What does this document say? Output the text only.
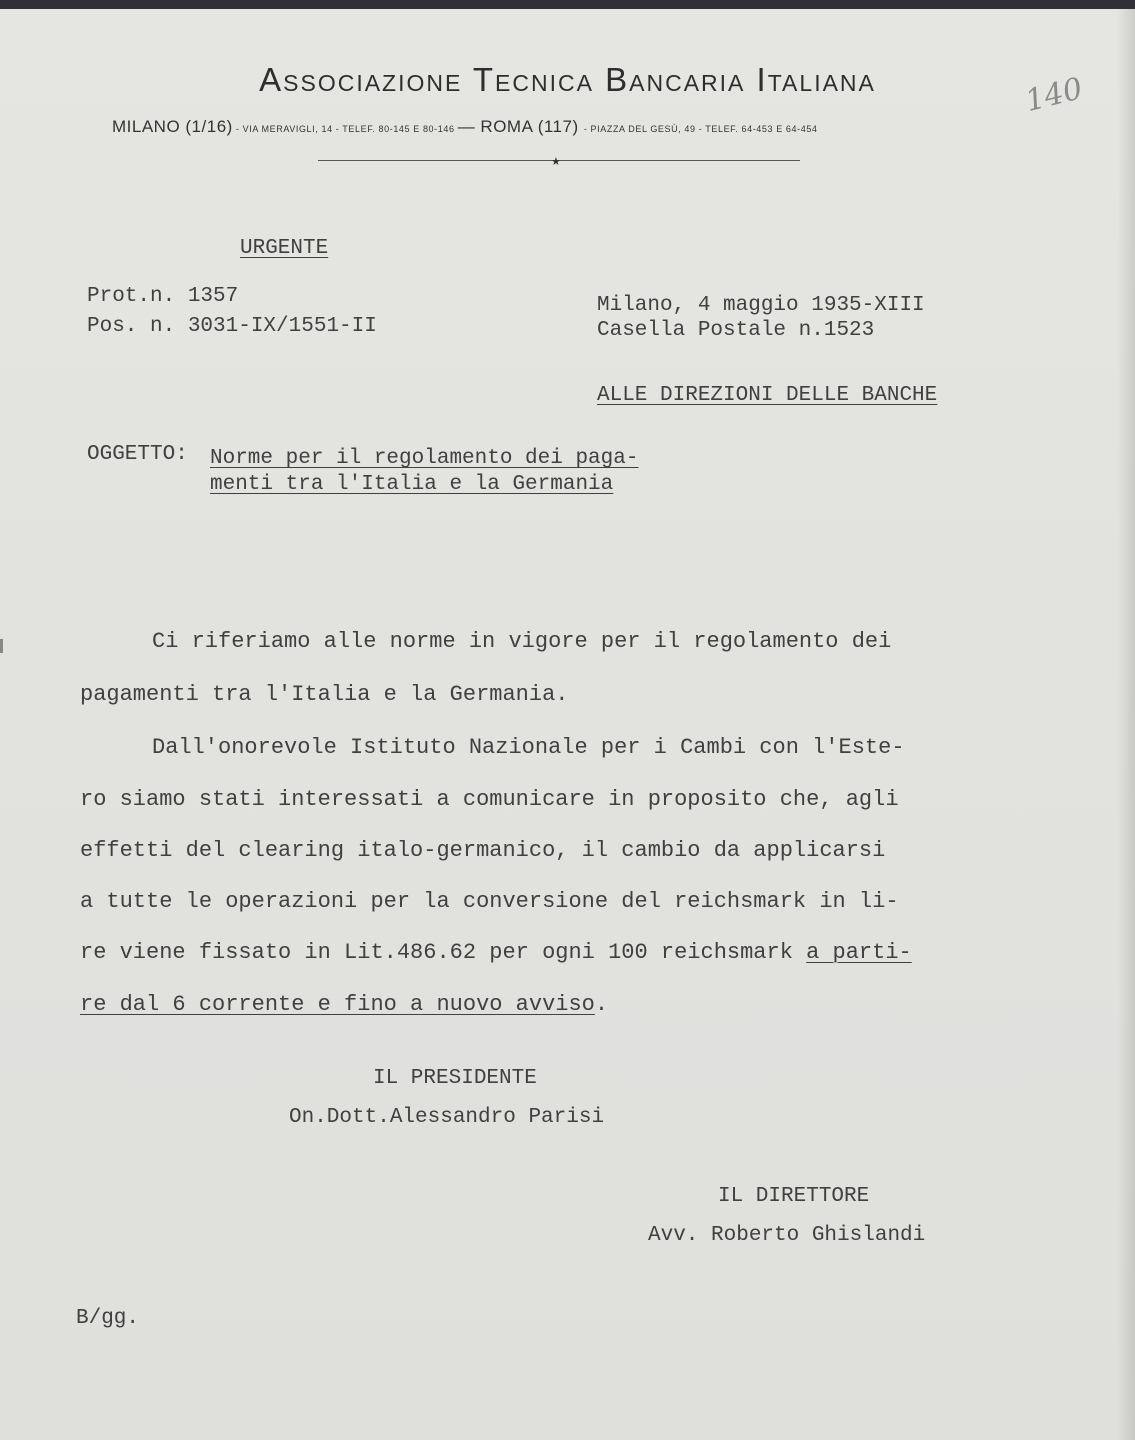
Associazione Tecnica Bancaria Italiana
MILANO (1/16) - VIA MERAVIGLI, 14 - TELEF. 80-145 E 80-146 — ROMA (117) - PIAZZA DEL GESÙ, 49 - TELEF. 64-453 E 64-454
★
140
URGENTE
Prot.n. 1357
Pos. n. 3031-IX/1551-II
Milano, 4 maggio 1935-XIII
Casella Postale n.1523
ALLE DIREZIONI DELLE BANCHE
OGGETTO: Norme per il regolamento dei paga-
menti tra l'Italia e la Germania
Ci riferiamo alle norme in vigore per il regolamento dei
pagamenti tra l'Italia e la Germania.
Dall'onorevole Istituto Nazionale per i Cambi con l'Este-
ro siamo stati interessati a comunicare in proposito che, agli
effetti del clearing italo-germanico, il cambio da applicarsi
a tutte le operazioni per la conversione del reichsmark in li-
re viene fissato in Lit.486.62 per ogni 100 reichsmark a parti-
re dal 6 corrente e fino a nuovo avviso.
IL PRESIDENTE
On.Dott.Alessandro Parisi
IL DIRETTORE
Avv. Roberto Ghislandi
B/gg.
